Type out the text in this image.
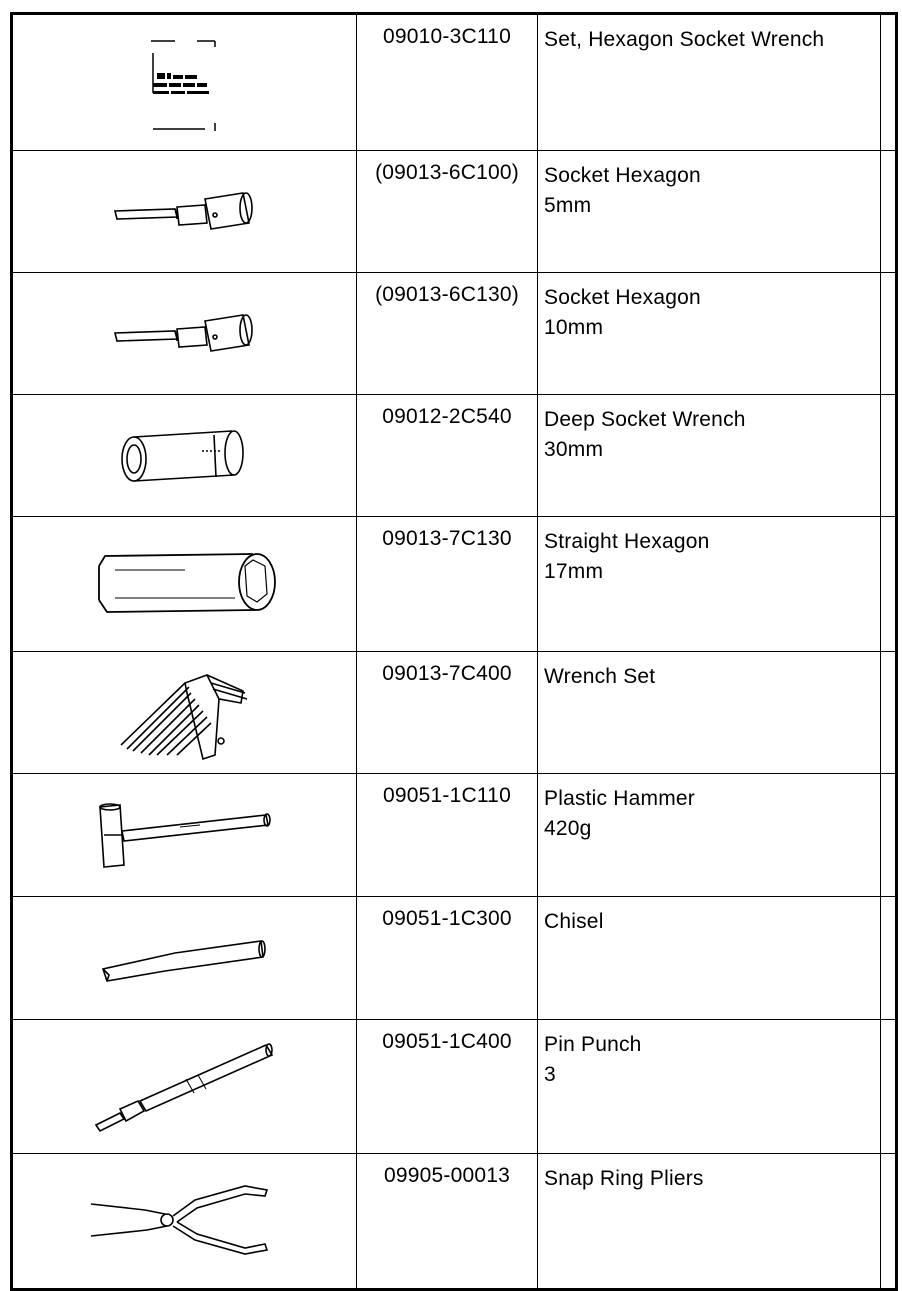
09010-3C110	Set, Hexagon Socket Wrench	

(09013-6C100)	Socket Hexagon
5mm	

(09013-6C130)	Socket Hexagon
10mm	

09012-2C540	Deep Socket Wrench
30mm	

09013-7C130	Straight Hexagon
17mm	

09013-7C400	Wrench Set	

09051-1C110	Plastic Hammer
420g	

09051-1C300	Chisel	

09051-1C400	Pin Punch
3	

09905-00013	Snap Ring Pliers	
